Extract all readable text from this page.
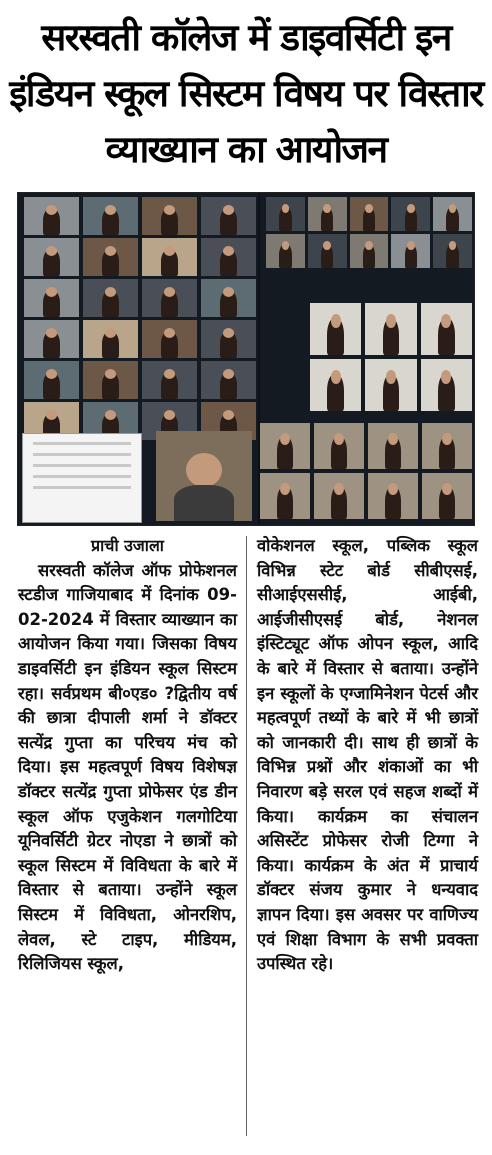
सरस्वती कॉलेज में डाइवर्सिटी इन इंडियन स्कूल सिस्टम विषय पर विस्तार व्याख्यान का आयोजन

प्राची उजाला

सरस्वती कॉलेज ऑफ प्रोफेशनल स्टडीज गाजियाबाद में दिनांक 09-02-2024 में विस्तार व्याख्यान का आयोजन किया गया। जिसका विषय डाइवर्सिटी इन इंडियन स्कूल सिस्टम रहा। सर्वप्रथम बी०एड० ?द्वितीय वर्ष की छात्रा दीपाली शर्मा ने डॉक्टर सत्येंद्र गुप्ता का परिचय मंच को दिया। इस महत्वपूर्ण विषय विशेषज्ञ डॉक्टर सत्येंद्र गुप्ता प्रोफेसर एंड डीन स्कूल ऑफ एजुकेशन गलगोटिया यूनिवर्सिटी ग्रेटर नोएडा ने छात्रों को स्कूल सिस्टम में विविधता के बारे में विस्तार से बताया। उन्होंने स्कूल सिस्टम में विविधता, ओनरशिप, लेवल, स्टे टाइप, मीडियम, रिलिजियस स्कूल,

वोकेशनल स्कूल, पब्लिक स्कूल विभिन्न स्टेट बोर्ड सीबीएसई, सीआईएससीई, आईबी, आईजीसीएसई बोर्ड, नेशनल इंस्टिट्यूट ऑफ ओपन स्कूल, आदि के बारे में विस्तार से बताया। उन्होंने इन स्कूलों के एग्जामिनेशन पेटर्स और महत्वपूर्ण तथ्यों के बारे में भी छात्रों को जानकारी दी। साथ ही छात्रों के विभिन्न प्रश्नों और शंकाओं का भी निवारण बड़े सरल एवं सहज शब्दों में किया। कार्यक्रम का संचालन असिस्टेंट प्रोफेसर रोजी टिग्गा ने किया। कार्यक्रम के अंत में प्राचार्य डॉक्टर संजय कुमार ने धन्यवाद ज्ञापन दिया। इस अवसर पर वाणिज्य एवं शिक्षा विभाग के सभी प्रवक्ता उपस्थित रहे।
